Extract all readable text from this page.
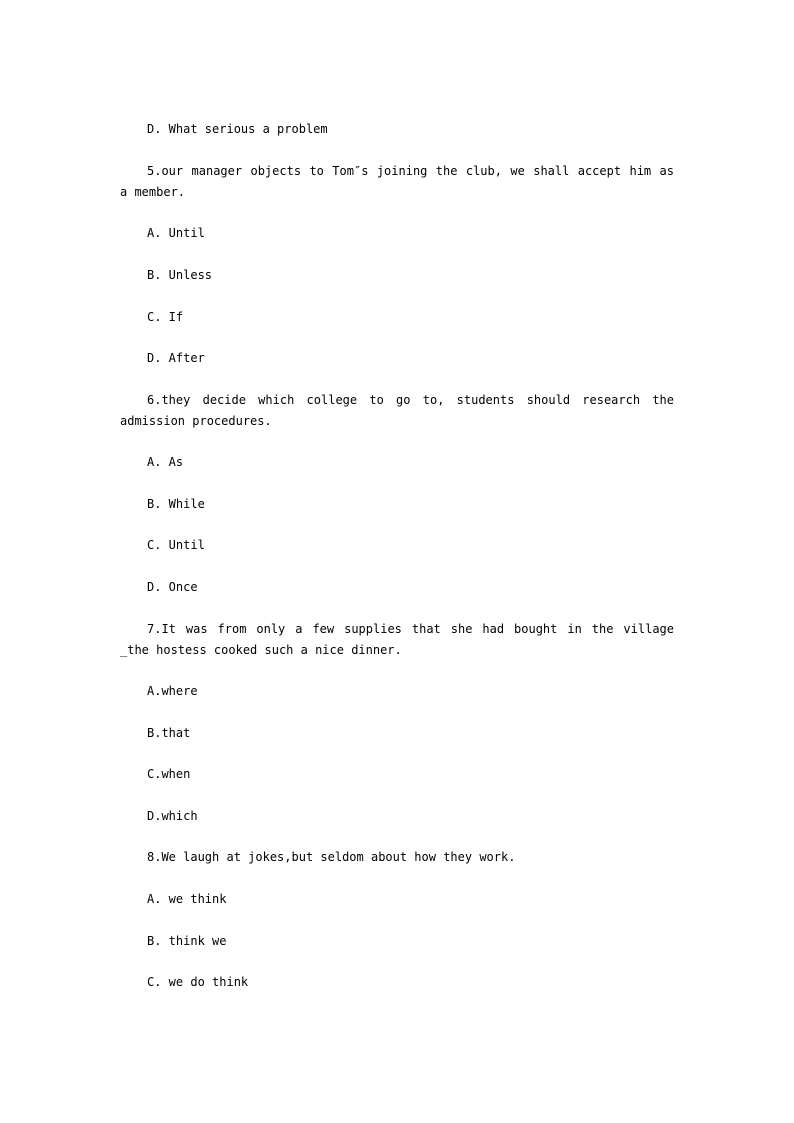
D. What serious a problem

5.our manager objects to Tom″s joining the club, we shall accept him as a member.

A. Until
B. Unless
C. If
D. After

6.they decide which college to go to, students should research the admission procedures.

A. As
B. While
C. Until
D. Once

7.It was from only a few supplies that she had bought in the village _the hostess cooked such a nice dinner.

A.where
B.that
C.when
D.which
8.We laugh at jokes,but seldom about how they work.
A. we think
B. think we
C. we do think
